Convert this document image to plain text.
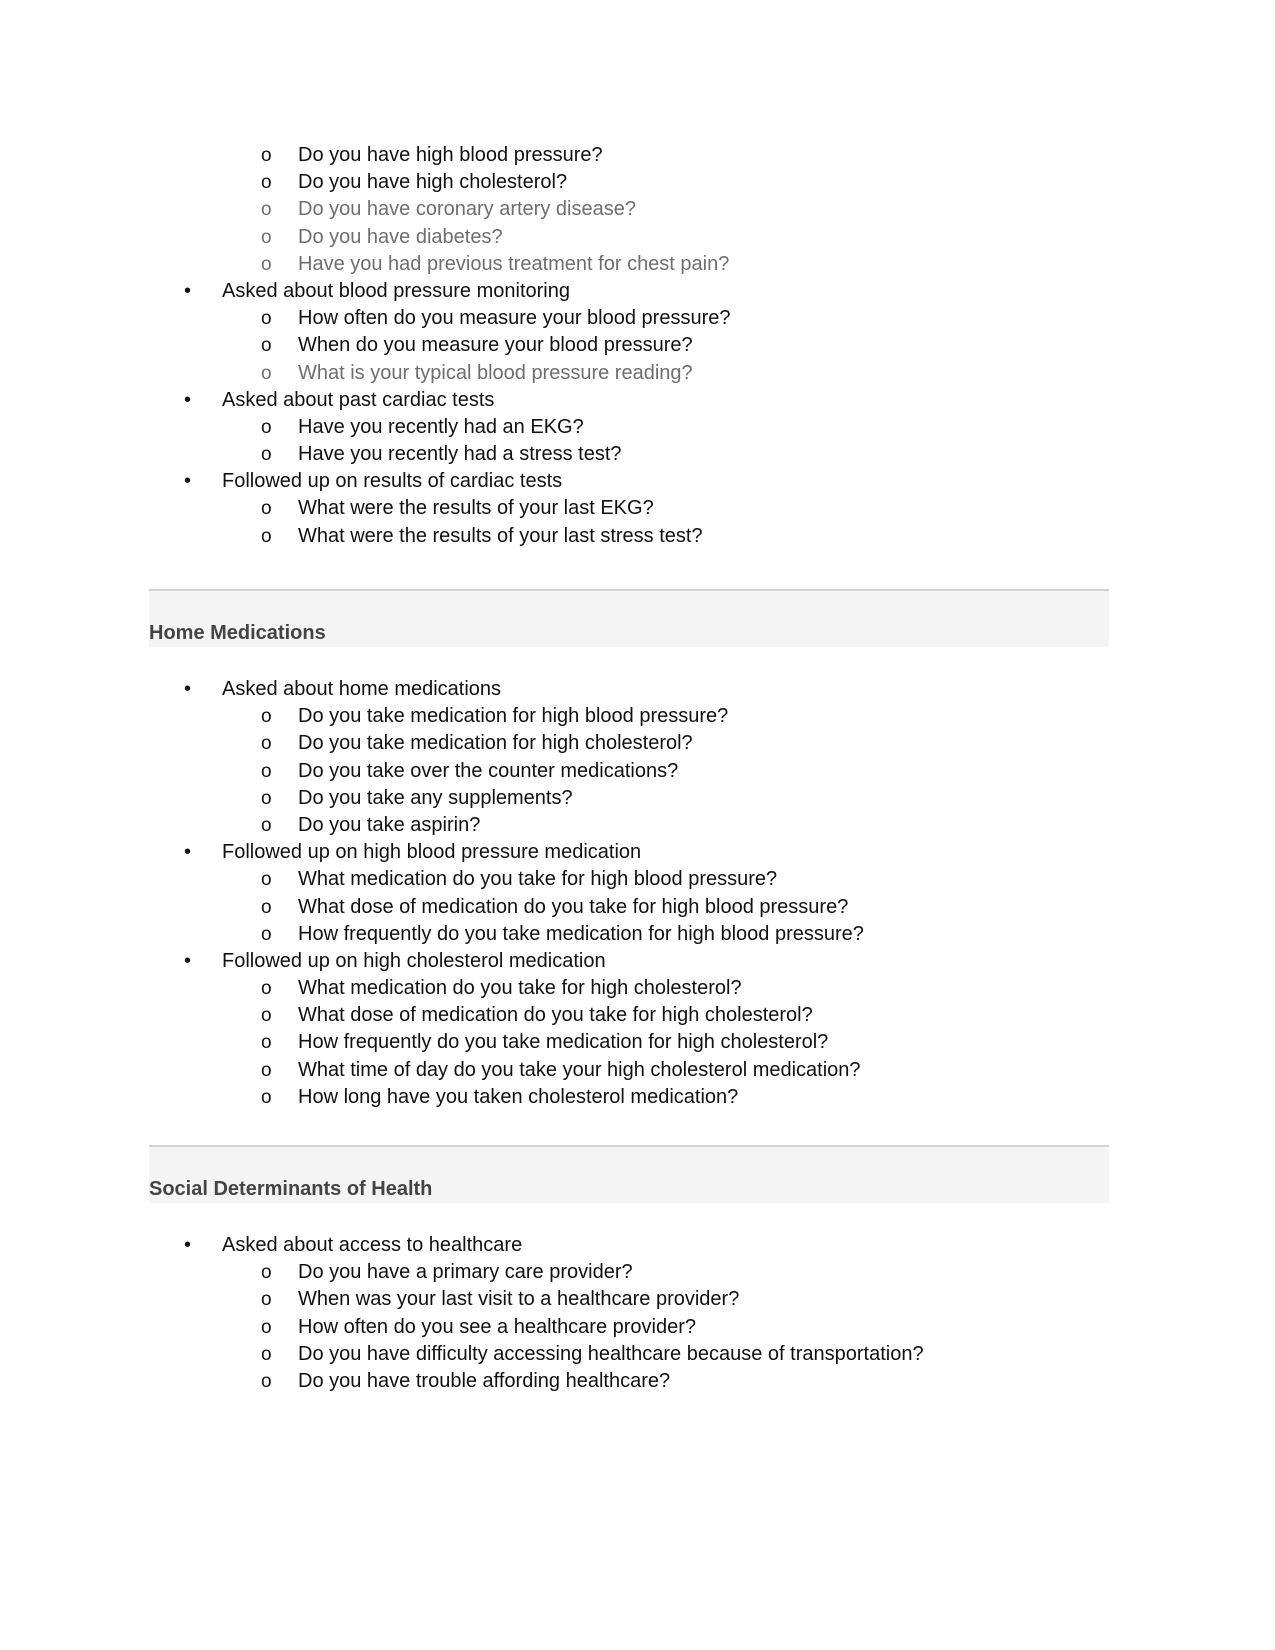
o Do you have high blood pressure?
o Do you have high cholesterol?
o Do you have coronary artery disease?
o Do you have diabetes?
o Have you had previous treatment for chest pain?
• Asked about blood pressure monitoring
o How often do you measure your blood pressure?
o When do you measure your blood pressure?
o What is your typical blood pressure reading?
• Asked about past cardiac tests
o Have you recently had an EKG?
o Have you recently had a stress test?
• Followed up on results of cardiac tests
o What were the results of your last EKG?
o What were the results of your last stress test?
Home Medications
• Asked about home medications
o Do you take medication for high blood pressure?
o Do you take medication for high cholesterol?
o Do you take over the counter medications?
o Do you take any supplements?
o Do you take aspirin?
• Followed up on high blood pressure medication
o What medication do you take for high blood pressure?
o What dose of medication do you take for high blood pressure?
o How frequently do you take medication for high blood pressure?
• Followed up on high cholesterol medication
o What medication do you take for high cholesterol?
o What dose of medication do you take for high cholesterol?
o How frequently do you take medication for high cholesterol?
o What time of day do you take your high cholesterol medication?
o How long have you taken cholesterol medication?
Social Determinants of Health
• Asked about access to healthcare
o Do you have a primary care provider?
o When was your last visit to a healthcare provider?
o How often do you see a healthcare provider?
o Do you have difficulty accessing healthcare because of transportation?
o Do you have trouble affording healthcare?
